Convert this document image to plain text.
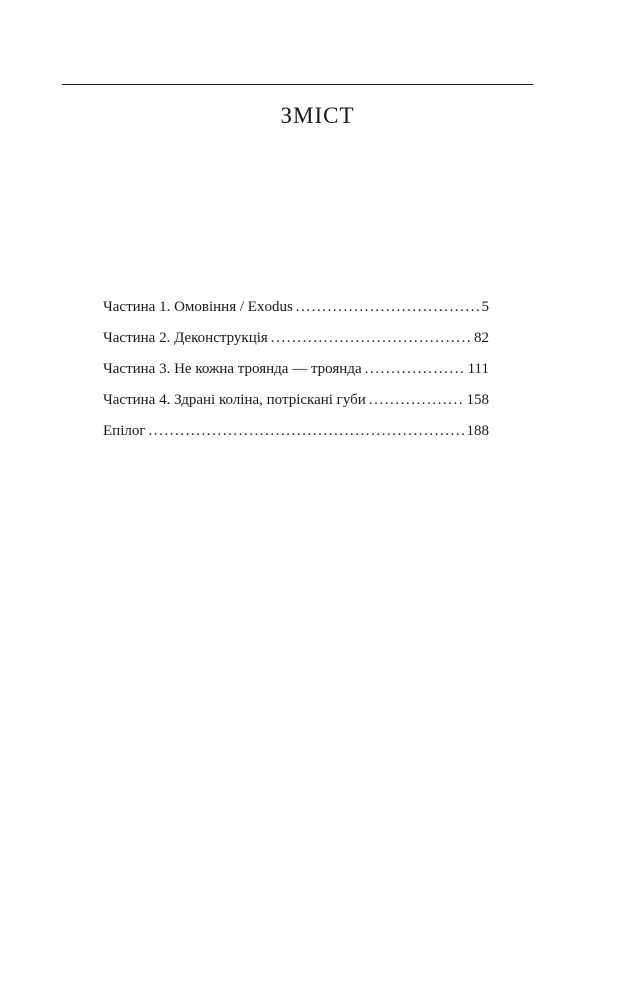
ЗМІСТ
Частина 1. Омовіння / Exodus . . .	5
Частина 2. Деконструкція . . .	82
Частина 3. Не кожна троянда — троянда . . .	111
Частина 4. Здрані коліна, потріскані губи . . .	158
Епілог . . .	188
